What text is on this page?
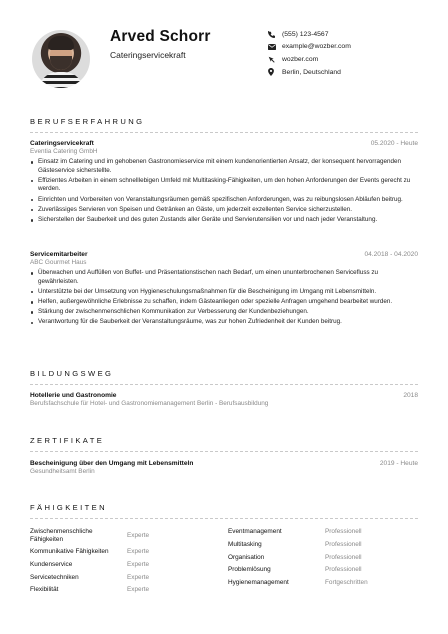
Arved Schorr
Cateringservicekraft
(555) 123-4567
example@wozber.com
wozber.com
Berlin, Deutschland
BERUFSERFAHRUNG
Cateringservicekraft	05.2020 - Heute
Eventia Catering GmbH
Einsatz im Catering und im gehobenen Gastronomieservice mit einem kundenorientierten Ansatz, der konsequent hervorragenden Gästeservice sicherstellte.
Effizientes Arbeiten in einem schnelllebigen Umfeld mit Multitasking-Fähigkeiten, um den hohen Anforderungen der Events gerecht zu werden.
Einrichten und Vorbereiten von Veranstaltungsräumen gemäß spezifischen Anforderungen, was zu reibungslosen Abläufen beitrug.
Zuverlässiges Servieren von Speisen und Getränken an Gäste, um jederzeit exzellenten Service sicherzustellen.
Sicherstellen der Sauberkeit und des guten Zustands aller Geräte und Servierutensilien vor und nach jeder Veranstaltung.
Servicemitarbeiter	04.2018 - 04.2020
ABC Gourmet Haus
Überwachen und Auffüllen von Buffet- und Präsentationstischen nach Bedarf, um einen ununterbrochenen Servicefluss zu gewährleisten.
Unterstützte bei der Umsetzung von Hygieneschulungsmaßnahmen für die Bescheinigung im Umgang mit Lebensmitteln.
Helfen, außergewöhnliche Erlebnisse zu schaffen, indem Gästeanliegen oder spezielle Anfragen umgehend bearbeitet wurden.
Stärkung der zwischenmenschlichen Kommunikation zur Verbesserung der Kundenbeziehungen.
Verantwortung für die Sauberkeit der Veranstaltungsräume, was zur hohen Zufriedenheit der Kunden beitrug.
BILDUNGSWEG
Hotellerie und Gastronomie	2018
Berufsfachschule für Hotel- und Gastronomiemanagement Berlin - Berufsausbildung
ZERTIFIKATE
Bescheinigung über den Umgang mit Lebensmitteln	2019 - Heute
Gesundheitsamt Berlin
FÄHIGKEITEN
Zwischenmenschliche Fähigkeiten
Experte
Kommunikative Fähigkeiten	Experte
Kundenservice	Experte
Servicetechniken	Experte
Flexibilität	Experte
Eventmanagement	Professionell
Multitasking	Professionell
Organisation	Professionell
Problemlösung	Professionell
Hygienemanagement	Fortgeschritten
